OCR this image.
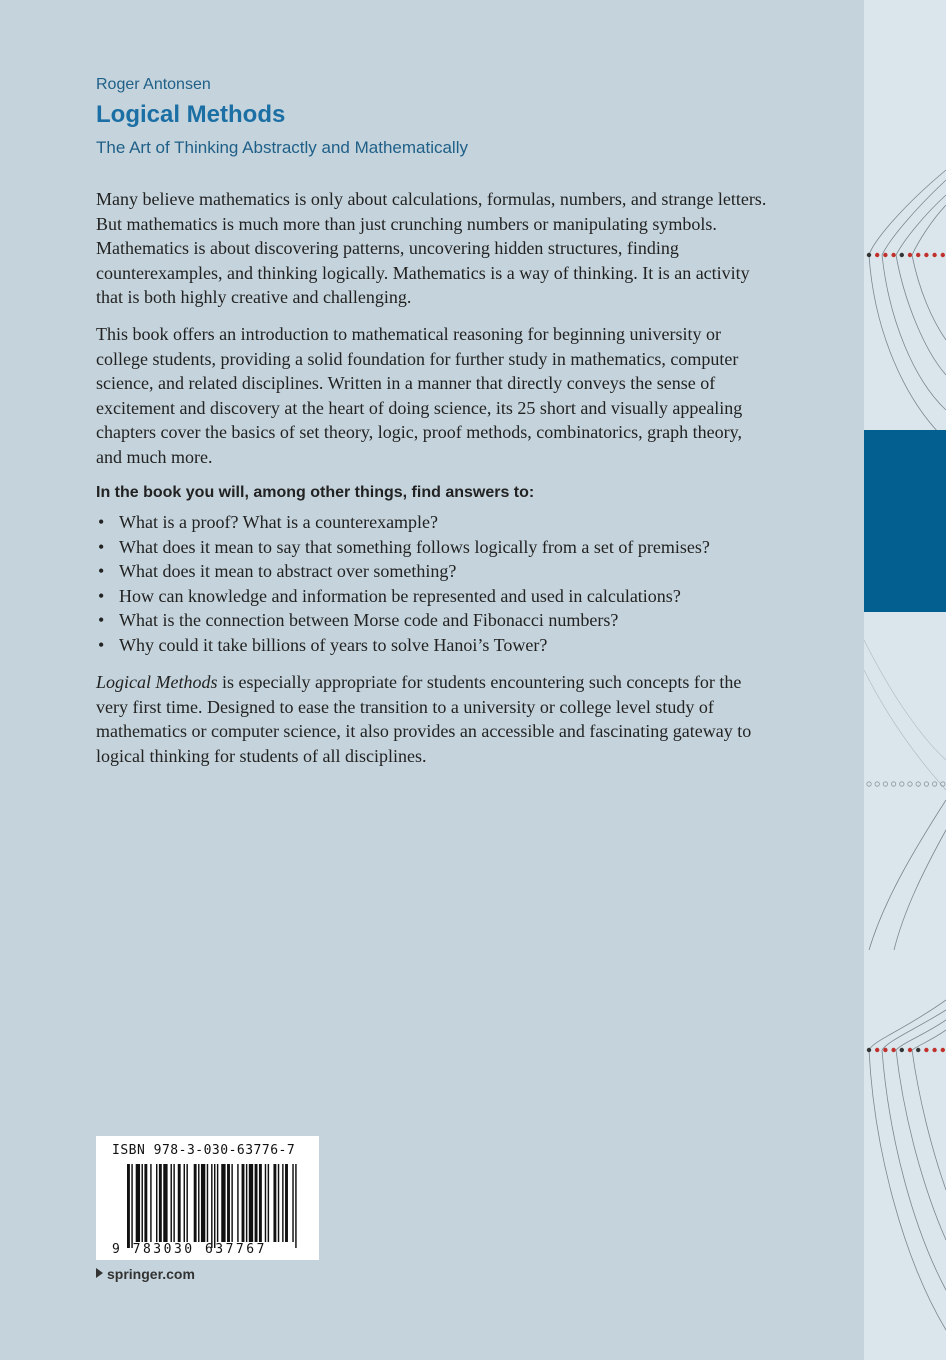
Roger Antonsen
Logical Methods
The Art of Thinking Abstractly and Mathematically
Many believe mathematics is only about calculations, formulas, numbers, and strange letters. But mathematics is much more than just crunching numbers or manipulating symbols. Mathematics is about discovering patterns, uncovering hidden structures, finding counterexamples, and thinking logically. Mathematics is a way of thinking. It is an activity that is both highly creative and challenging.
This book offers an introduction to mathematical reasoning for beginning university or college students, providing a solid foundation for further study in mathematics, computer science, and related disciplines. Written in a manner that directly conveys the sense of excitement and discovery at the heart of doing science, its 25 short and visually appealing chapters cover the basics of set theory, logic, proof methods, combinatorics, graph theory, and much more.
In the book you will, among other things, find answers to:
• What is a proof? What is a counterexample?
• What does it mean to say that something follows logically from a set of premises?
• What does it mean to abstract over something?
• How can knowledge and information be represented and used in calculations?
• What is the connection between Morse code and Fibonacci numbers?
• Why could it take billions of years to solve Hanoi’s Tower?
Logical Methods is especially appropriate for students encountering such concepts for the very first time. Designed to ease the transition to a university or college level study of mathematics or computer science, it also provides an accessible and fascinating gateway to logical thinking for students of all disciplines.
ISBN 978-3-030-63776-7
9 783030 637767
springer.com
